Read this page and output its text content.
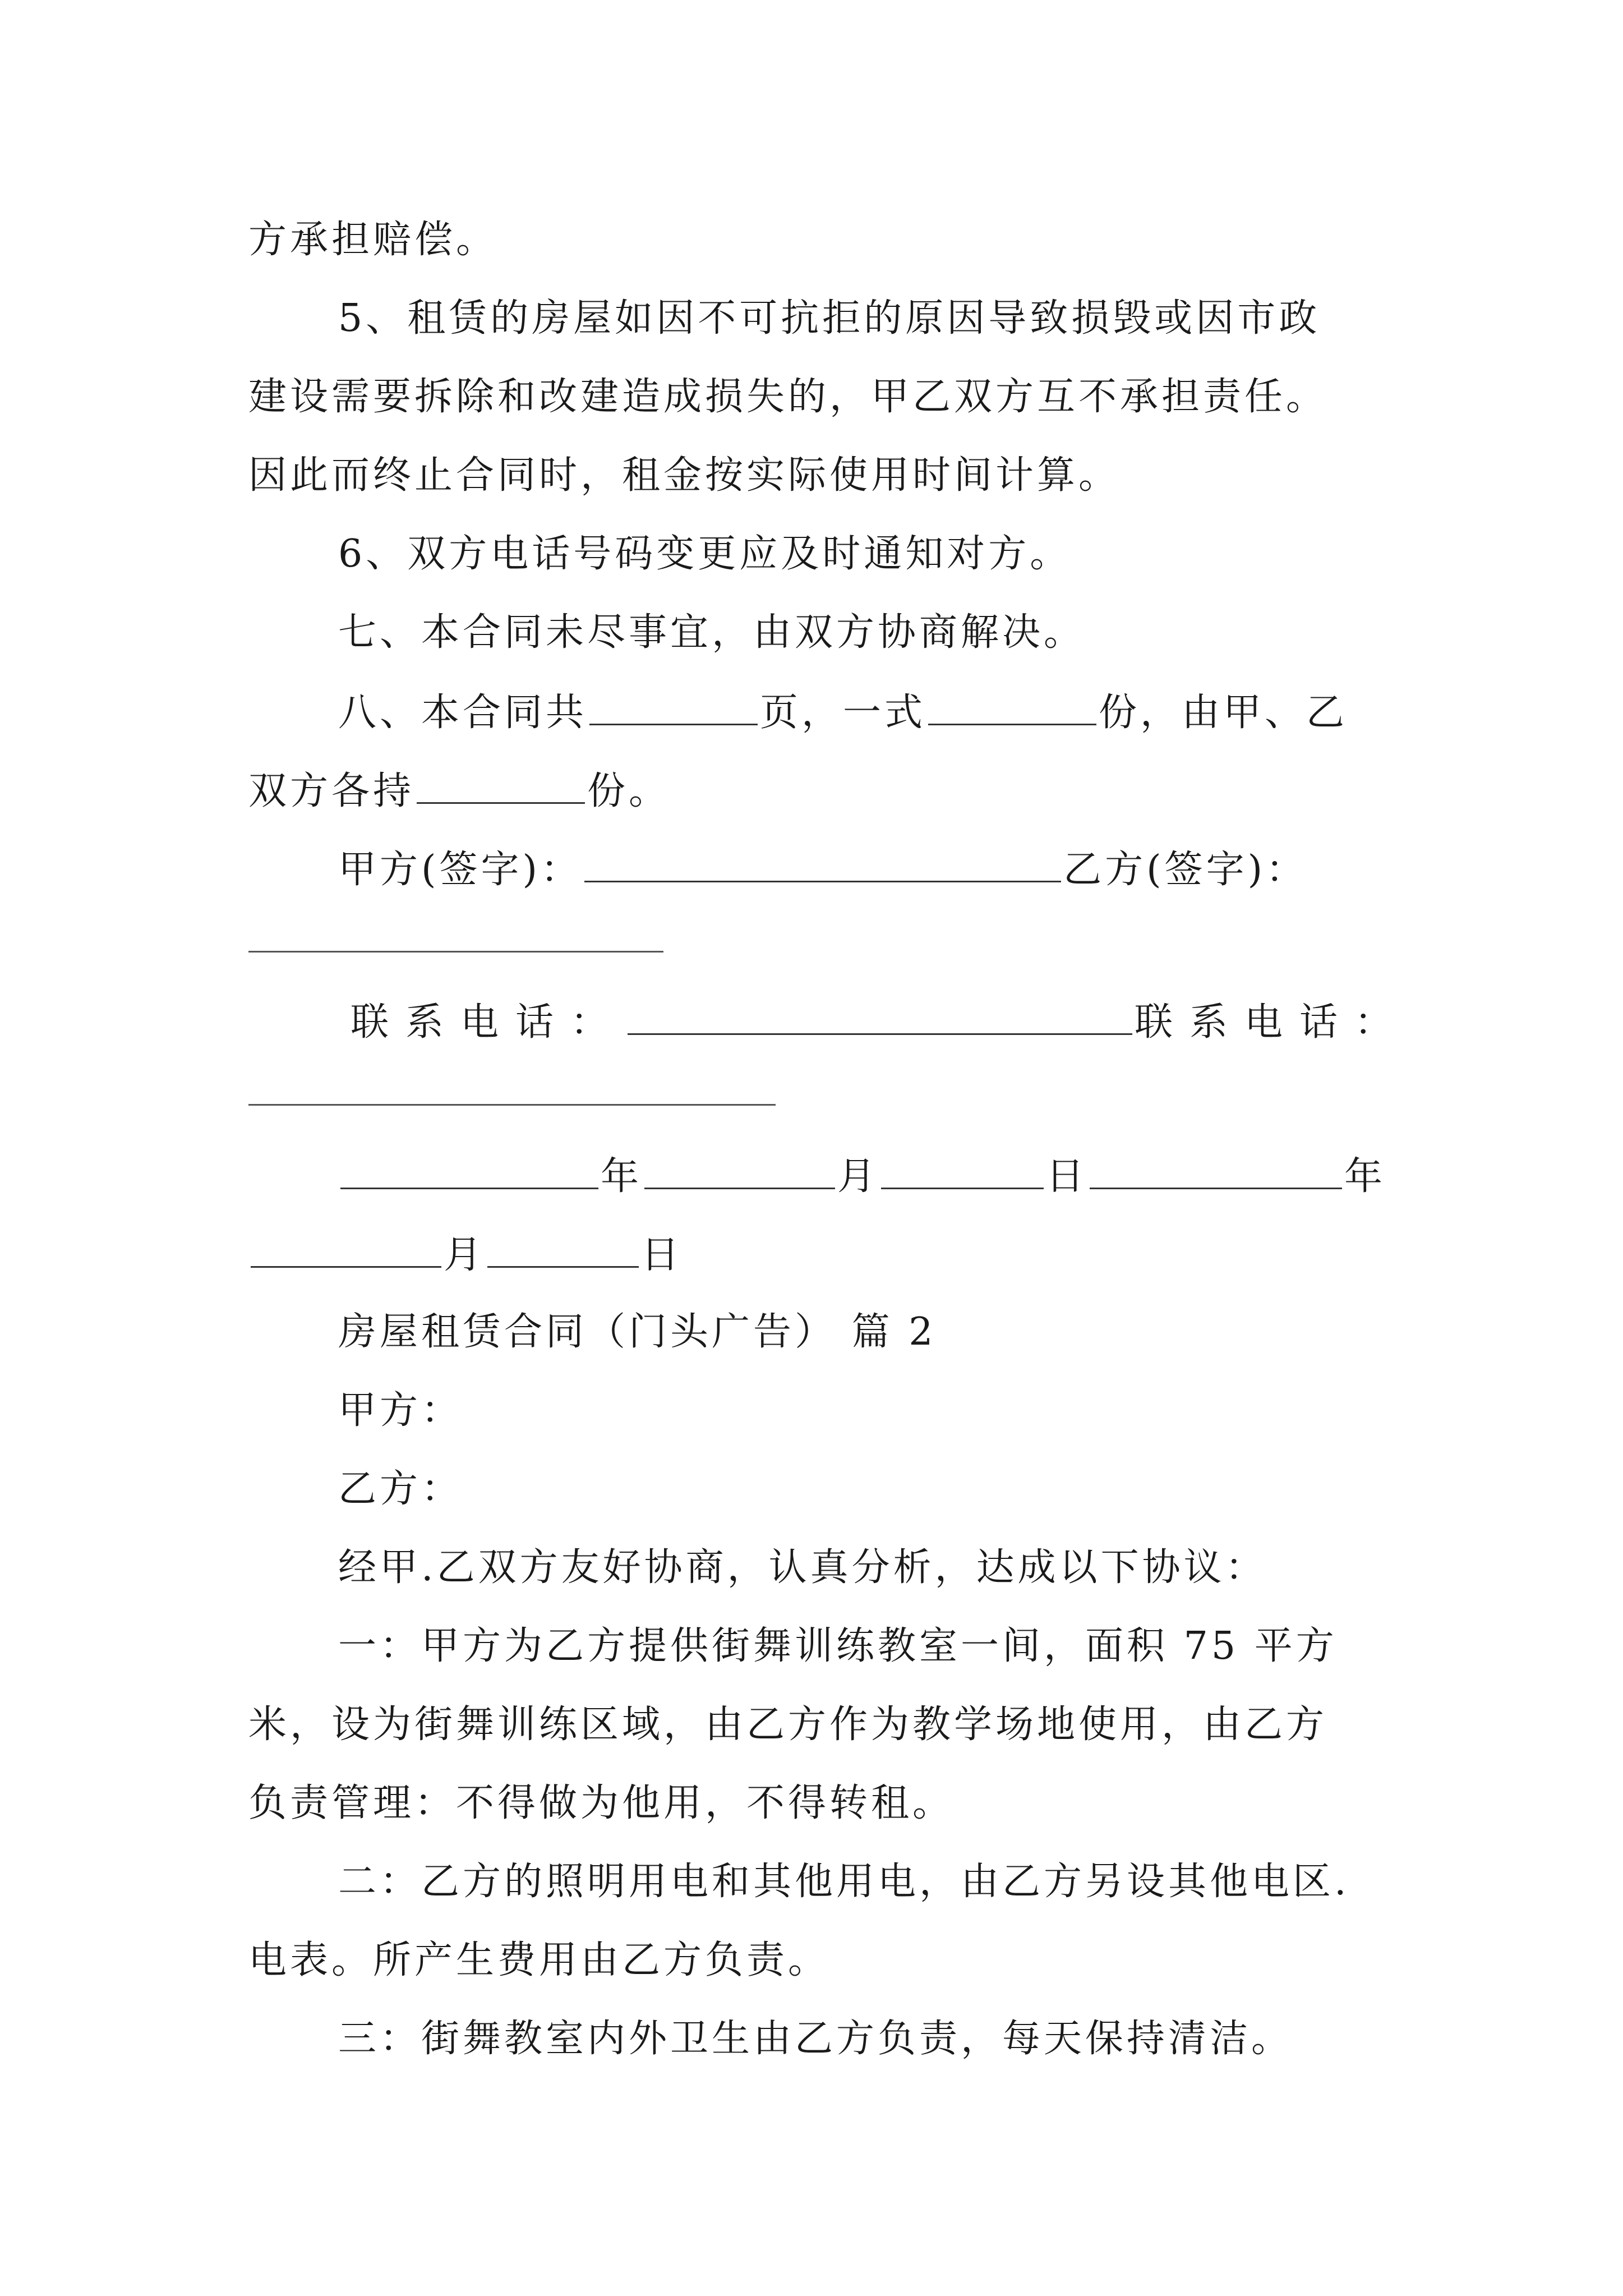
方承担赔偿。
5、租赁的房屋如因不可抗拒的原因导致损毁或因市政
建设需要拆除和改建造成损失的，甲乙双方互不承担责任。
因此而终止合同时，租金按实际使用时间计算。
6、双方电话号码变更应及时通知对方。
七、本合同未尽事宜，由双方协商解决。
八、本合同共	页，一式	份，由甲、乙
双方各持	份。
甲方(签字)：	乙方(签字)：
联系电话：	联系电话：
年	月	日	年
月	日
房屋租赁合同（门头广告） 篇 2
甲方：
乙方：
经甲.乙双方友好协商，认真分析，达成以下协议：
一：甲方为乙方提供街舞训练教室一间，面积 75 平方
米，设为街舞训练区域，由乙方作为教学场地使用，由乙方
负责管理：不得做为他用，不得转租。
二：乙方的照明用电和其他用电，由乙方另设其他电区.
电表。所产生费用由乙方负责。
三：街舞教室内外卫生由乙方负责，每天保持清洁。
